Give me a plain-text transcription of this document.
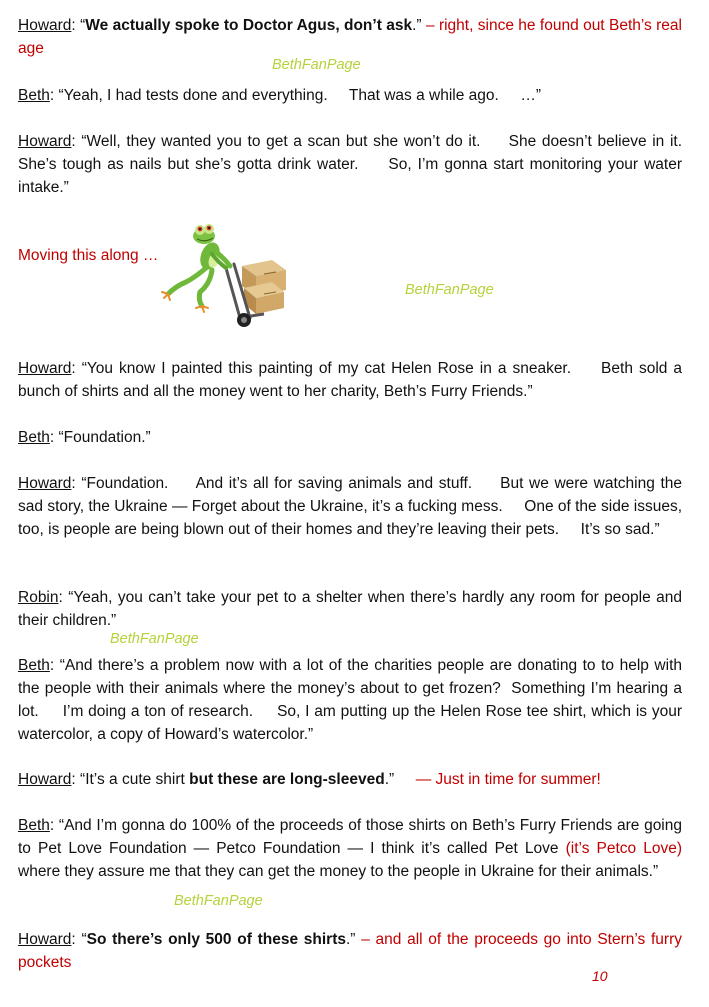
Howard: “We actually spoke to Doctor Agus, don’t ask.” – right, since he found out Beth’s real age

BethFanPage

Beth: “Yeah, I had tests done and everything.     That was a while ago.     …”

Howard: “Well, they wanted you to get a scan but she won’t do it.     She doesn’t believe in it.     She’s tough as nails but she’s gotta drink water.     So, I’m gonna start monitoring your water intake.”

Moving this along …

BethFanPage

Howard: “You know I painted this painting of my cat Helen Rose in a sneaker.     Beth sold a bunch of shirts and all the money went to her charity, Beth’s Furry Friends.”

Beth: “Foundation.”

Howard: “Foundation.     And it’s all for saving animals and stuff.     But we were watching the sad story, the Ukraine — Forget about the Ukraine, it’s a fucking mess.     One of the side issues, too, is people are being blown out of their homes and they’re leaving their pets.     It’s so sad.”

Robin: “Yeah, you can’t take your pet to a shelter when there’s hardly any room for people and their children.”

BethFanPage

Beth: “And there’s a problem now with a lot of the charities people are donating to to help with the people with their animals where the money’s about to get frozen?  Something I’m hearing a lot.     I’m doing a ton of research.     So, I am putting up the Helen Rose tee shirt, which is your watercolor, a copy of Howard’s watercolor.”

Howard: “It’s a cute shirt but these are long-sleeved.”     — Just in time for summer!

Beth: “And I’m gonna do 100% of the proceeds of those shirts on Beth’s Furry Friends are going to Pet Love Foundation — Petco Foundation — I think it’s called Pet Love (it’s Petco Love) where they assure me that they can get the money to the people in Ukraine for their animals.”

BethFanPage

Howard: “So there’s only 500 of these shirts.” – and all of the proceeds go into Stern’s furry pockets

10
